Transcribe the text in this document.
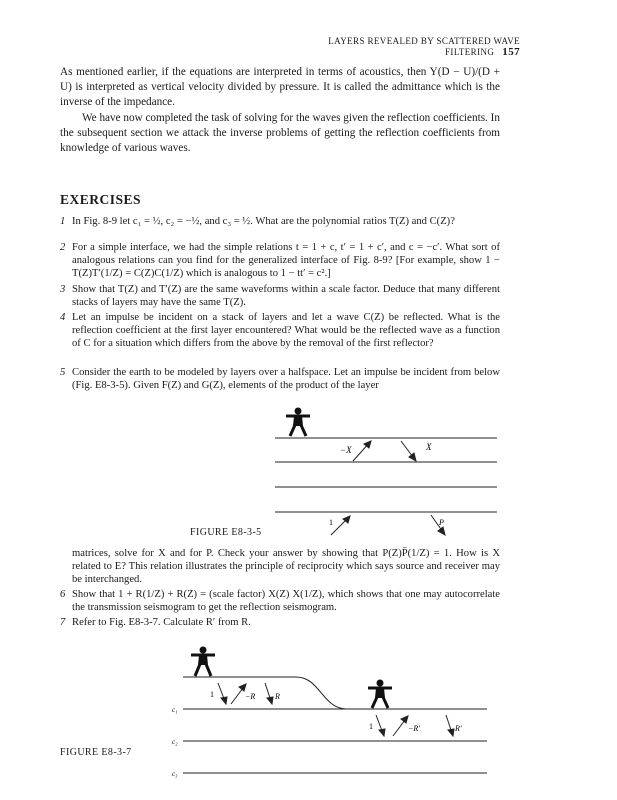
LAYERS REVEALED BY SCATTERED WAVE FILTERING 157
As mentioned earlier, if the equations are interpreted in terms of acoustics, then Y(D − U)/(D + U) is interpreted as vertical velocity divided by pressure. It is called the admittance which is the inverse of the impedance.
We have now completed the task of solving for the waves given the reflection coefficients. In the subsequent section we attack the inverse problems of getting the reflection coefficients from knowledge of various waves.
EXERCISES
1 In Fig. 8-9 let c₁ = ½, c₂ = −½, and c₃ = ½. What are the polynomial ratios T(Z) and C(Z)?
2 For a simple interface, we had the simple relations t = 1 + c, t′ = 1 + c′, and c = −c′. What sort of analogous relations can you find for the generalized interface of Fig. 8-9? [For example, show 1 − T(Z)T′(1/Z) = C(Z)C(1/Z) which is analogous to 1 − tt′ = c².]
3 Show that T(Z) and T′(Z) are the same waveforms within a scale factor. Deduce that many different stacks of layers may have the same T(Z).
4 Let an impulse be incident on a stack of layers and let a wave C(Z) be reflected. What is the reflection coefficient at the first layer encountered? What would be the reflected wave as a function of C for a situation which differs from the above by the removal of the first reflector?
5 Consider the earth to be modeled by layers over a halfspace. Let an impulse be incident from below (Fig. E8-3-5). Given F(Z) and G(Z), elements of the product of the layer
−X	X
1	P
FIGURE E8-3-5
matrices, solve for X and for P. Check your answer by showing that P(Z)P̄(1/Z) = 1. How is X related to E? This relation illustrates the principle of reciprocity which says source and receiver may be interchanged.
6 Show that 1 + R(1/Z) + R(Z) = (scale factor) X(Z) X(1/Z), which shows that one may autocorrelate the transmission seismogram to get the reflection seismogram.
7 Refer to Fig. E8-3-7. Calculate R′ from R.
1	−R R
1	−R′	R′
c₁
c₂
c₃
FIGURE E8-3-7
